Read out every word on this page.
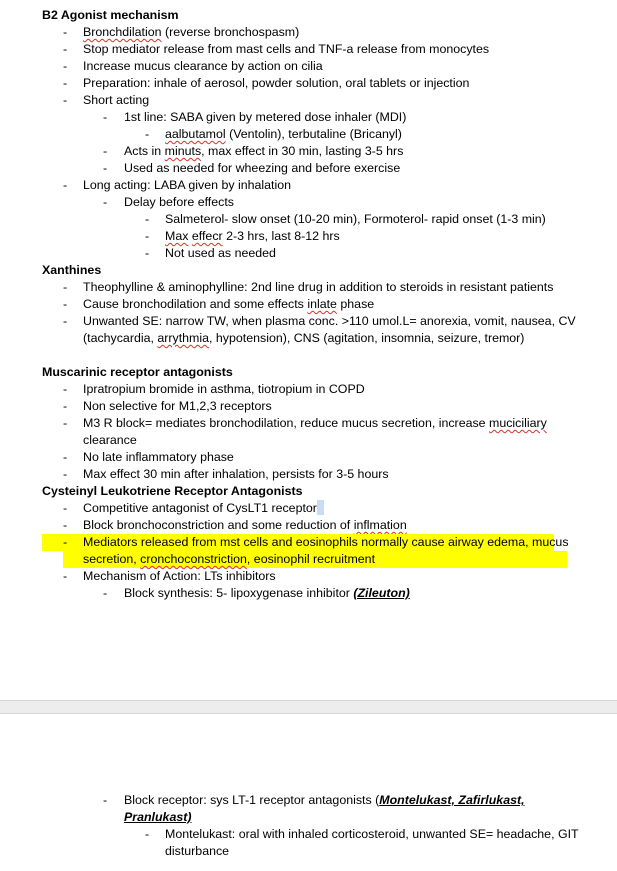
B2 Agonist mechanism
- Bronchdilation (reverse bronchospasm)
- Stop mediator release from mast cells and TNF-a release from monocytes
- Increase mucus clearance by action on cilia
- Preparation: inhale of aerosol, powder solution, oral tablets or injection
- Short acting
- 1st line: SABA given by metered dose inhaler (MDI)
- aalbutamol (Ventolin), terbutaline (Bricanyl)
- Acts in minuts, max effect in 30 min, lasting 3-5 hrs
- Used as needed for wheezing and before exercise
- Long acting: LABA given by inhalation
- Delay before effects
- Salmeterol- slow onset (10-20 min), Formoterol- rapid onset (1-3 min)
- Max effecr 2-3 hrs, last 8-12 hrs
- Not used as needed
Xanthines
- Theophylline & aminophylline: 2nd line drug in addition to steroids in resistant patients
- Cause bronchodilation and some effects inlate phase
- Unwanted SE: narrow TW, when plasma conc. >110 umol.L= anorexia, vomit, nausea, CV
(tachycardia, arrythmia, hypotension), CNS (agitation, insomnia, seizure, tremor)
Muscarinic receptor antagonists
- Ipratropium bromide in asthma, tiotropium in COPD
- Non selective for M1,2,3 receptors
- M3 R block= mediates bronchodilation, reduce mucus secretion, increase muciciliary
clearance
- No late inflammatory phase
- Max effect 30 min after inhalation, persists for 3-5 hours
Cysteinyl Leukotriene Receptor Antagonists
- Competitive antagonist of CysLT1 receptor
- Block bronchoconstriction and some reduction of inflmation
- Mediators released from mst cells and eosinophils normally cause airway edema, mucus
secretion, cronchoconstriction, eosinophil recruitment
- Mechanism of Action: LTs inhibitors
- Block synthesis: 5- lipoxygenase inhibitor (Zileuton)
- Block receptor: sys LT-1 receptor antagonists (Montelukast, Zafirlukast,
Pranlukast)
- Montelukast: oral with inhaled corticosteroid, unwanted SE= headache, GIT
disturbance
